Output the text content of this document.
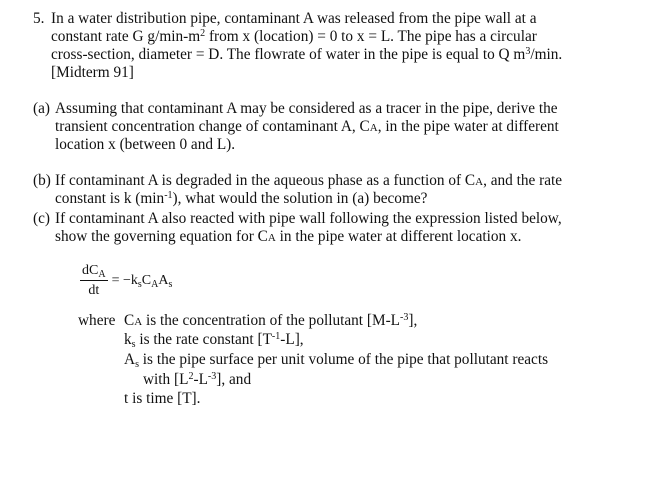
5. In a water distribution pipe, contaminant A was released from the pipe wall at a
constant rate G $g/\min-m^2$ from x (location) = 0 to x = L. The pipe has a circular
cross-section, diameter = D. The flowrate of water in the pipe is equal to Q $m^3/\min$.
[Midterm 91]
(a) Assuming that contaminant A may be considered as a tracer in the pipe, derive the
transient concentration change of contaminant A, CA, in the pipe water at different
location x (between 0 and L).
(b) If contaminant A is degraded in the aqueous phase as a function of CA, and the rate
constant is k $(\min^{-1})$, what would the solution in (a) become?
(c) If contaminant A also reacted with pipe wall following the expression listed below,
show the governing equation for CA in the pipe water at different location x.
$\frac{dC_A}{dt} = -k_sC_AA_s$
where CA is the concentration of the pollutant $[M-L^{-3}]$,
$k_s$ is the rate constant $[T^{-1}-L]$,
$A_s$ is the pipe surface per unit volume of the pipe that pollutant reacts
with $[L^2-L^{-3}]$, and
t is time [T].
